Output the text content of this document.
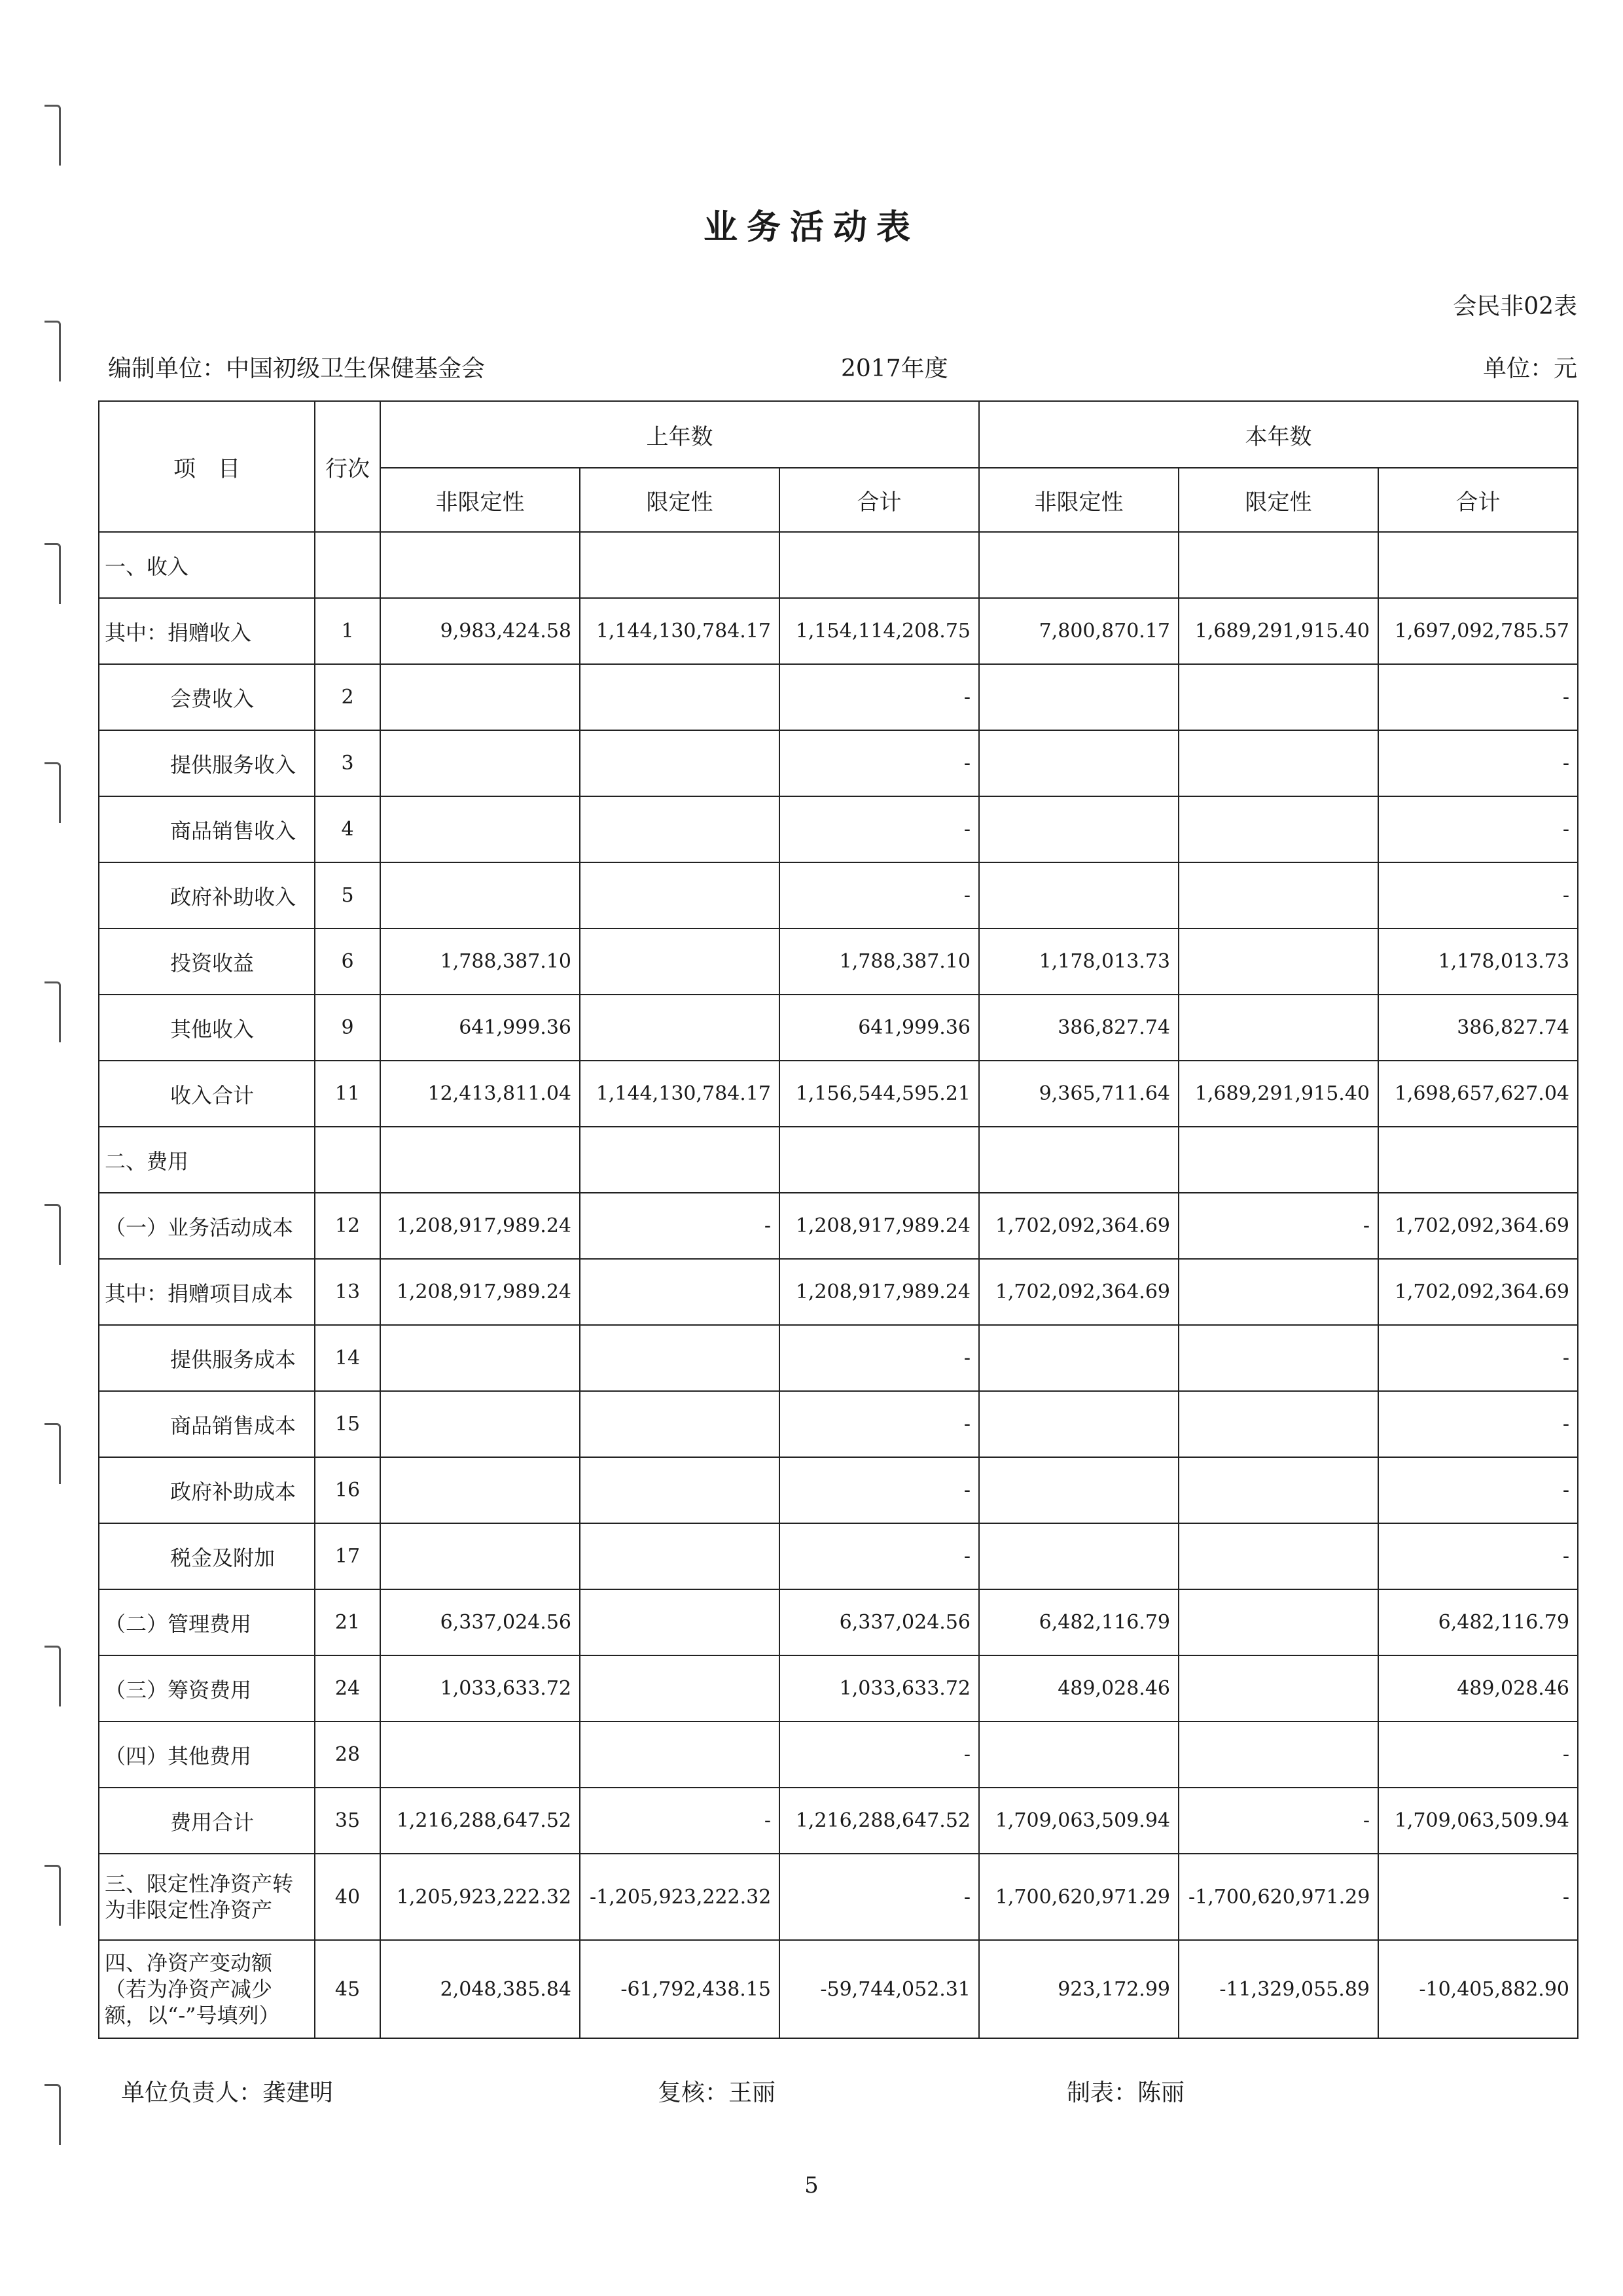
业务活动表
会民非02表
编制单位：中国初级卫生保健基金会	2017年度	单位：元
项　目	行次	上年数			本年数		
		非限定性	限定性	合计	非限定性	限定性	合计
一、收入							
其中：捐赠收入	1	9,983,424.58	1,144,130,784.17	1,154,114,208.75	7,800,870.17	1,689,291,915.40	1,697,092,785.57
会费收入	2			-			-
提供服务收入	3			-			-
商品销售收入	4			-			-
政府补助收入	5			-			-
投资收益	6	1,788,387.10		1,788,387.10	1,178,013.73		1,178,013.73
其他收入	9	641,999.36		641,999.36	386,827.74		386,827.74
收入合计	11	12,413,811.04	1,144,130,784.17	1,156,544,595.21	9,365,711.64	1,689,291,915.40	1,698,657,627.04
二、费用							
（一）业务活动成本	12	1,208,917,989.24	-	1,208,917,989.24	1,702,092,364.69	-	1,702,092,364.69
其中：捐赠项目成本	13	1,208,917,989.24		1,208,917,989.24	1,702,092,364.69		1,702,092,364.69
提供服务成本	14			-			-
商品销售成本	15			-			-
政府补助成本	16			-			-
税金及附加	17			-			-
（二）管理费用	21	6,337,024.56		6,337,024.56	6,482,116.79		6,482,116.79
（三）筹资费用	24	1,033,633.72		1,033,633.72	489,028.46		489,028.46
（四）其他费用	28			-			-
费用合计	35	1,216,288,647.52	-	1,216,288,647.52	1,709,063,509.94	-	1,709,063,509.94
三、限定性净资产转为非限定性净资产	40	1,205,923,222.32	-1,205,923,222.32	-	1,700,620,971.29	-1,700,620,971.29	-
四、净资产变动额（若为净资产减少额，以“-”号填列）	45	2,048,385.84	-61,792,438.15	-59,744,052.31	923,172.99	-11,329,055.89	-10,405,882.90
单位负责人：龚建明	复核：王丽	制表：陈丽
5
